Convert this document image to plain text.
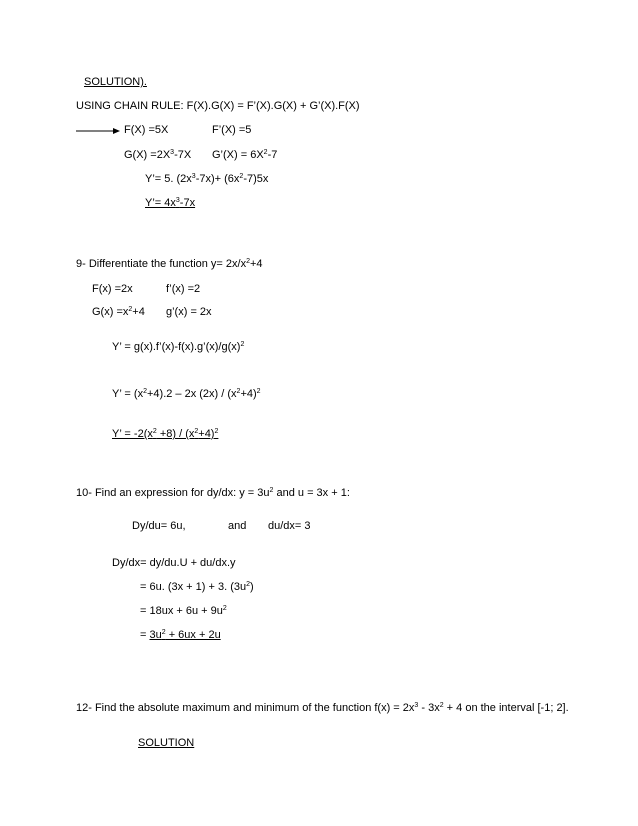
SOLUTION).
USING CHAIN RULE: F(X).G(X) = F’(X).G(X) + G’(X).F(X)
F(X) =5X	F’(X) =5
$G(X) =2X^3-7X$ G’(X) = $6X^2-7$
Y’= 5. $(2x^3-7x)+ (6x^2-7)5x$
Y’= $4x^3-7x$
9- Differentiate the function $y= 2x/x^2+4$
F(x) =2x	f’(x) =2
$G(x) =x^2+4$ g’(x) = 2x
Y’ = $g(x).f’(x)-f(x).g’(x)/g(x)^2$
Y’ = $(x^2+4).2 - 2x$ $(2x) / (x^2+4)^2$
Y’ = $-2(x^2 +8) / (x^2+4)^2$
10- Find an expression for dy/dx: $y = 3u^2$ and u = 3x + 1:
Dy/du= 6u,	and du/dx= 3
Dy/dx= dy/du.U + du/dx.y
= 6u. (3x + 1) + 3. $(3u^2)$
= $18ux + 6u + 9u^2$
= $3u^2 + 6ux + 2u$
12- Find the absolute maximum and minimum of the function $f(x) = 2x^3 - 3x^2 + 4$ on the interval [-1; 2].
SOLUTION
